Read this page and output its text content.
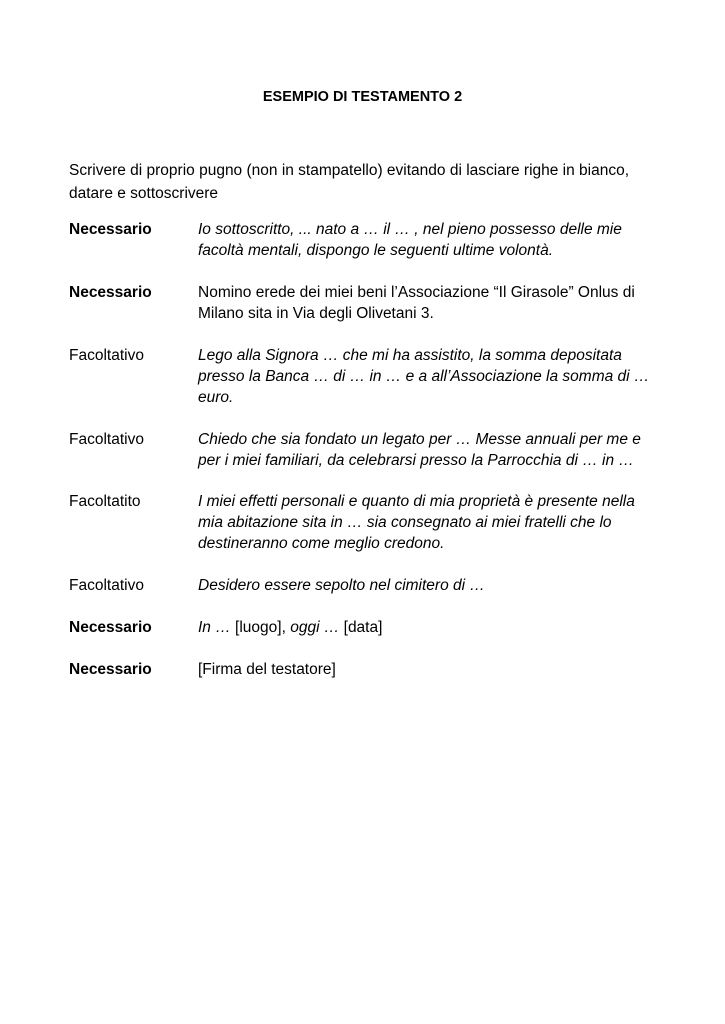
ESEMPIO DI TESTAMENTO 2
Scrivere di proprio pugno (non in stampatello) evitando di lasciare righe in bianco, datare e sottoscrivere
Necessario	Io sottoscritto, ... nato a … il … , nel pieno possesso delle mie facoltà mentali, dispongo le seguenti ultime volontà.
Necessario	Nomino erede dei miei beni l’Associazione “Il Girasole” Onlus di Milano sita in Via degli Olivetani 3.
Facoltativo	Lego alla Signora … che mi ha assistito, la somma depositata presso la Banca … di … in … e a all’Associazione la somma di … euro.
Facoltativo	Chiedo che sia fondato un legato per … Messe annuali per me e per i miei familiari, da celebrarsi presso la Parrocchia di … in …
Facoltatito	I miei effetti personali e quanto di mia proprietà è presente nella mia abitazione sita in … sia consegnato ai miei fratelli che lo destineranno come meglio credono.
Facoltativo	Desidero essere sepolto nel cimitero di …
Necessario	In … [luogo], oggi … [data]
Necessario	[Firma del testatore]
